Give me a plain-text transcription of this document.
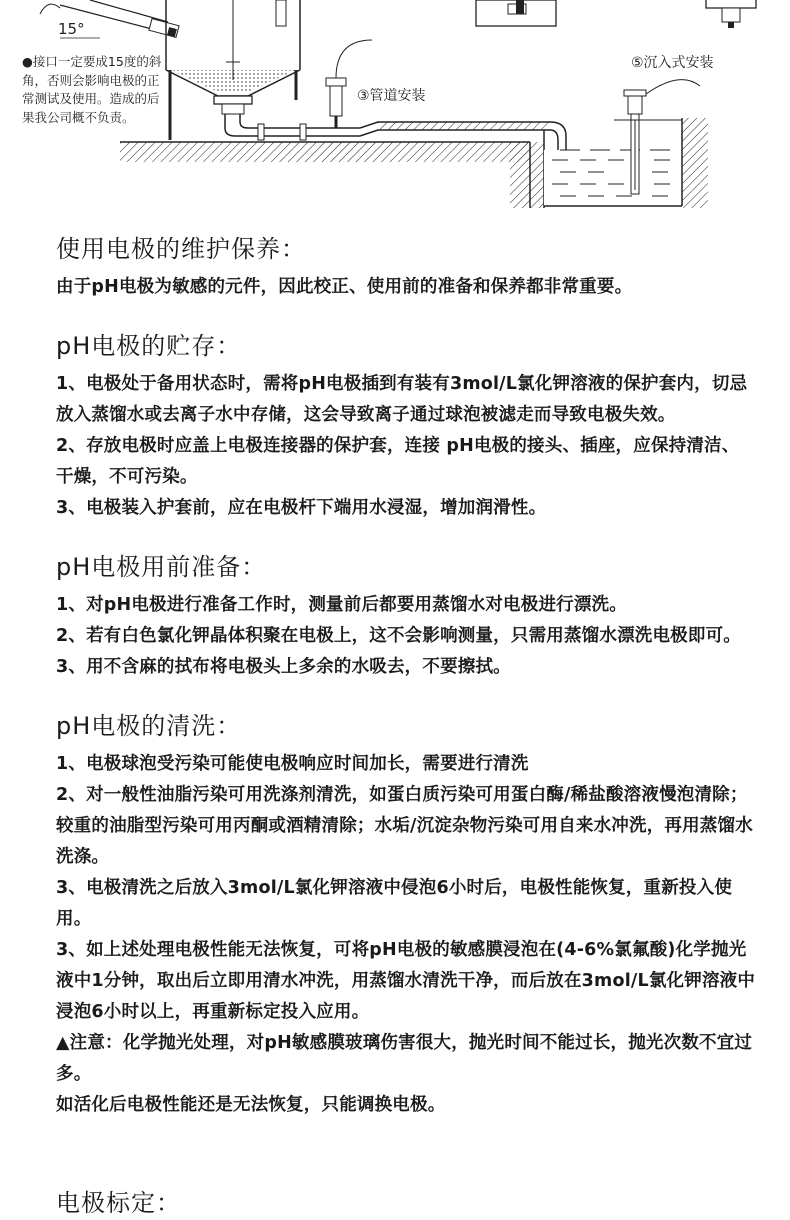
15°
●接口一定要成15度的斜角，否则会影响电极的正常测试及使用。造成的后果我公司概不负责。
③管道安装
⑤沉入式安装
使用电极的维护保养：

由于pH电极为敏感的元件，因此校正、使用前的准备和保养都非常重要。

pH电极的贮存：

1、电极处于备用状态时，需将pH电极插到有装有3mol/L氯化钾溶液的保护套内，切忌放入蒸馏水或去离子水中存储，这会导致离子通过球泡被滤走而导致电极失效。

2、存放电极时应盖上电极连接器的保护套，连接 pH电极的接头、插座，应保持清洁、干燥，不可污染。

3、电极装入护套前，应在电极杆下端用水浸湿，增加润滑性。

pH电极用前准备：

1、对pH电极进行准备工作时，测量前后都要用蒸馏水对电极进行漂洗。

2、若有白色氯化钾晶体积聚在电极上，这不会影响测量，只需用蒸馏水漂洗电极即可。

3、用不含麻的拭布将电极头上多余的水吸去，不要擦拭。

pH电极的清洗：

1、电极球泡受污染可能使电极响应时间加长，需要进行清洗

2、对一般性油脂污染可用洗涤剂清洗，如蛋白质污染可用蛋白酶/稀盐酸溶液慢泡清除；较重的油脂型污染可用丙酮或酒精清除；水垢/沉淀杂物污染可用自来水冲洗，再用蒸馏水洗涤。

3、电极清洗之后放入3mol/L氯化钾溶液中侵泡6小时后，电极性能恢复，重新投入使用。

3、如上述处理电极性能无法恢复，可将pH电极的敏感膜浸泡在(4-6%氯氟酸)化学抛光液中1分钟，取出后立即用清水冲洗，用蒸馏水清洗干净，而后放在3mol/L氯化钾溶液中浸泡6小时以上，再重新标定投入应用。

▲注意：化学抛光处理，对pH敏感膜玻璃伤害很大，抛光时间不能过长，抛光次数不宜过多。

如活化后电极性能还是无法恢复，只能调换电极。

电极标定：
